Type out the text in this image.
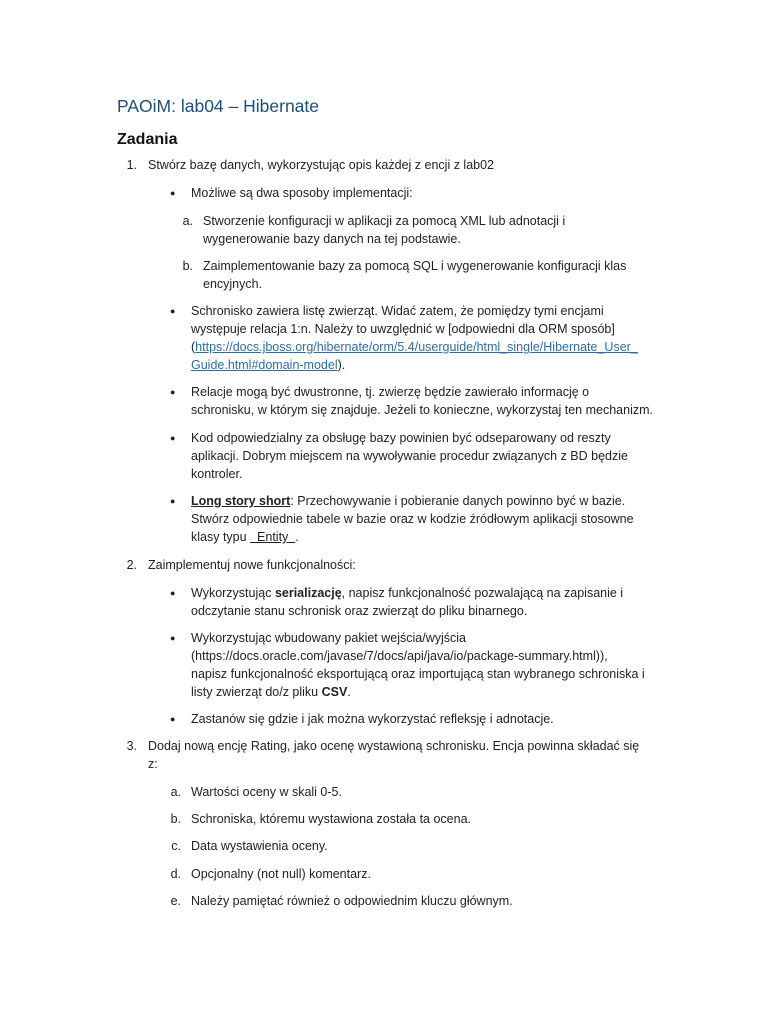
PAOiM: lab04 – Hibernate
Zadania
1. Stwórz bazę danych, wykorzystując opis każdej z encji z lab02
● Możliwe są dwa sposoby implementacji:
a. Stworzenie konfiguracji w aplikacji za pomocą XML lub adnotacji i
wygenerowanie bazy danych na tej podstawie.
b. Zaimplementowanie bazy za pomocą SQL i wygenerowanie konfiguracji klas
encyjnych.
● Schronisko zawiera listę zwierząt. Widać zatem, że pomiędzy tymi encjami
występuje relacja 1:n. Należy to uwzględnić w [odpowiedni dla ORM sposób]
(https://docs.jboss.org/hibernate/orm/5.4/userguide/html_single/Hibernate_User_
Guide.html#domain-model).
● Relacje mogą być dwustronne, tj. zwierzę będzie zawierało informację o
schronisku, w którym się znajduje. Jeżeli to konieczne, wykorzystaj ten mechanizm.
● Kod odpowiedzialny za obsługę bazy powinien być odseparowany od reszty
aplikacji. Dobrym miejscem na wywoływanie procedur związanych z BD będzie
kontroler.
● Long story short: Przechowywanie i pobieranie danych powinno być w bazie.
Stwórz odpowiednie tabele w bazie oraz w kodzie źródłowym aplikacji stosowne
klasy typu   Entity  .
2. Zaimplementuj nowe funkcjonalności:
● Wykorzystując serializację, napisz funkcjonalność pozwalającą na zapisanie i
odczytanie stanu schronisk oraz zwierząt do pliku binarnego.
● Wykorzystując wbudowany pakiet wejścia/wyjścia
(https://docs.oracle.com/javase/7/docs/api/java/io/package-summary.html)),
napisz funkcjonalność eksportującą oraz importującą stan wybranego schroniska i
listy zwierząt do/z pliku CSV.
● Zastanów się gdzie i jak można wykorzystać refleksję i adnotacje.
3. Dodaj nową encję Rating, jako ocenę wystawioną schronisku. Encja powinna składać się
z:
a. Wartości oceny w skali 0-5.
b. Schroniska, któremu wystawiona została ta ocena.
c. Data wystawienia oceny.
d. Opcjonalny (not null) komentarz.
e. Należy pamiętać również o odpowiednim kluczu głównym.
